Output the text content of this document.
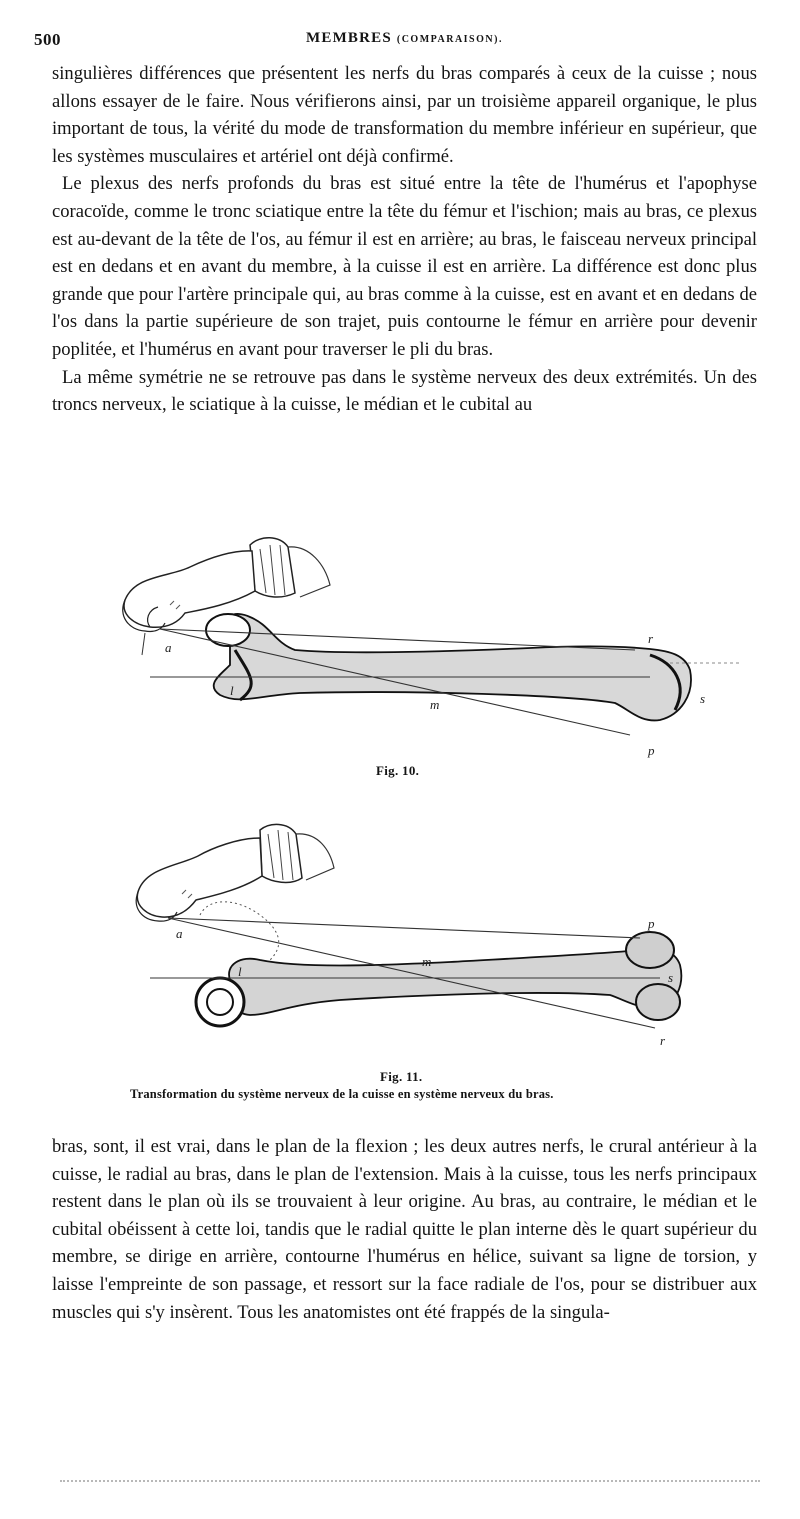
500	MEMBRES (COMPARAISON).

singulières différences que présentent les nerfs du bras comparés à ceux de la cuisse ; nous allons essayer de le faire. Nous vérifierons ainsi, par un troisième appareil organique, le plus important de tous, la vérité du mode de transformation du membre inférieur en supérieur, que les systèmes musculaires et artériel ont déjà confirmé.

Le plexus des nerfs profonds du bras est situé entre la tête de l'humérus et l'apophyse coracoïde, comme le tronc sciatique entre la tête du fémur et l'ischion; mais au bras, ce plexus est au-devant de la tête de l'os, au fémur il est en arrière; au bras, le faisceau nerveux principal est en dedans et en avant du membre, à la cuisse il est en arrière. La différence est donc plus grande que pour l'artère principale qui, au bras comme à la cuisse, est en avant et en dedans de l'os dans la partie supérieure de son trajet, puis contourne le fémur en arrière pour devenir poplitée, et l'humérus en avant pour traverser le pli du bras.

La même symétrie ne se retrouve pas dans le système nerveux des deux extrémités. Un des troncs nerveux, le sciatique à la cuisse, le médian et le cubital au

a
r
l
m	s
p
Fig. 10.
a
p
m
l	s
r
Fig. 11.
Transformation du système nerveux de la cuisse en système nerveux du bras.

bras, sont, il est vrai, dans le plan de la flexion ; les deux autres nerfs, le crural antérieur à la cuisse, le radial au bras, dans le plan de l'extension. Mais à la cuisse, tous les nerfs principaux restent dans le plan où ils se trouvaient à leur origine. Au bras, au contraire, le médian et le cubital obéissent à cette loi, tandis que le radial quitte le plan interne dès le quart supérieur du membre, se dirige en arrière, contourne l'humérus en hélice, suivant sa ligne de torsion, y laisse l'empreinte de son passage, et ressort sur la face radiale de l'os, pour se distribuer aux muscles qui s'y insèrent. Tous les anatomistes ont été frappés de la singula-
